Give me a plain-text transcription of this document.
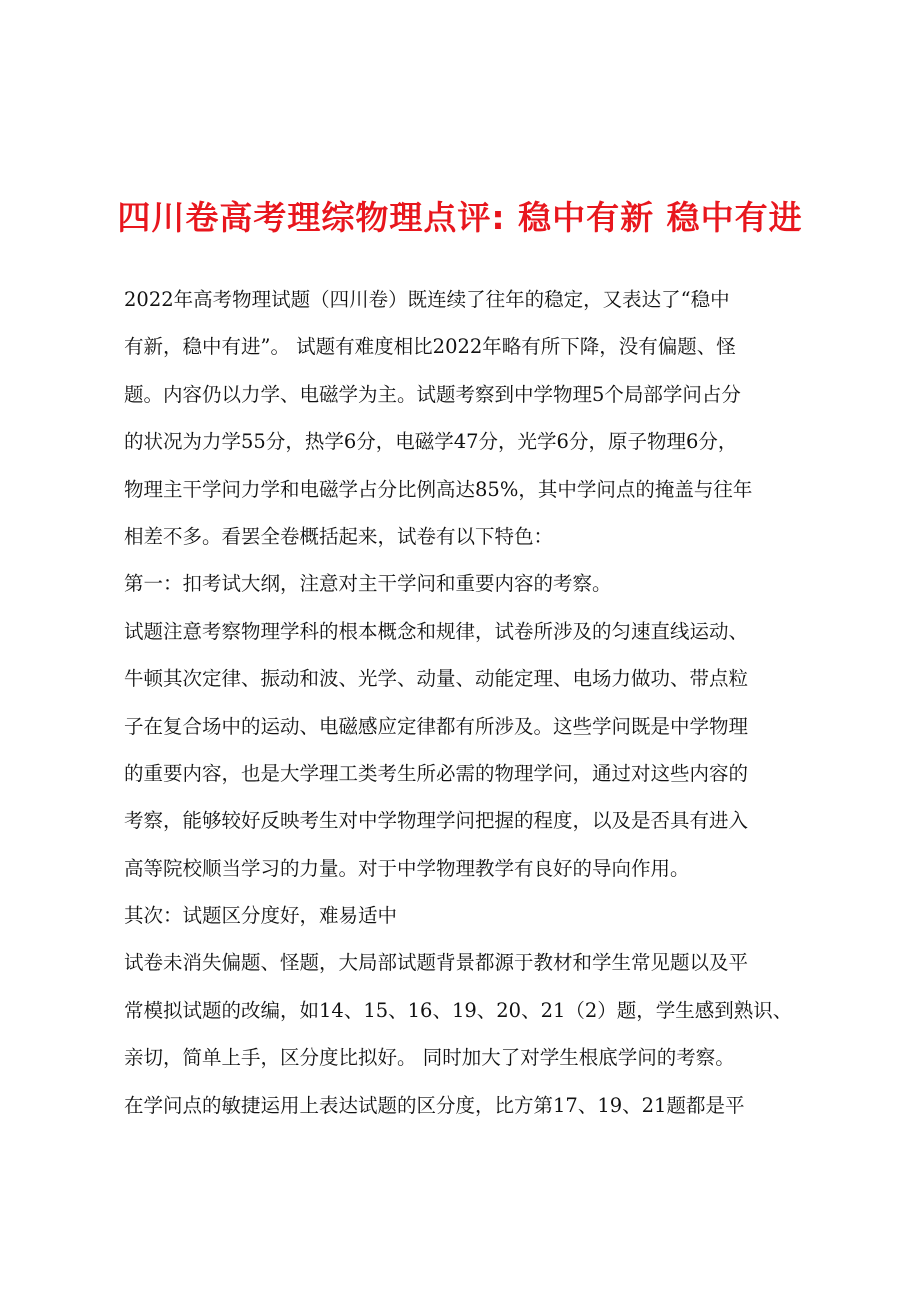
四川卷高考理综物理点评: 稳中有新 稳中有进
2022年高考物理试题（四川卷）既连续了往年的稳定，又表达了“稳中
有新，稳中有进”。 试题有难度相比2022年略有所下降，没有偏题、怪
题。内容仍以力学、电磁学为主。试题考察到中学物理5个局部学问占分
的状况为力学55分，热学6分，电磁学47分，光学6分，原子物理6分，
物理主干学问力学和电磁学占分比例高达85%，其中学问点的掩盖与往年
相差不多。看罢全卷概括起来，试卷有以下特色：
第一：扣考试大纲，注意对主干学问和重要内容的考察。
试题注意考察物理学科的根本概念和规律，试卷所涉及的匀速直线运动、
牛顿其次定律、振动和波、光学、动量、动能定理、电场力做功、带点粒
子在复合场中的运动、电磁感应定律都有所涉及。这些学问既是中学物理
的重要内容，也是大学理工类考生所必需的物理学问，通过对这些内容的
考察，能够较好反映考生对中学物理学问把握的程度，以及是否具有进入
高等院校顺当学习的力量。对于中学物理教学有良好的导向作用。
其次：试题区分度好，难易适中
试卷未消失偏题、怪题，大局部试题背景都源于教材和学生常见题以及平
常模拟试题的改编，如14、15、16、19、20、21（2）题，学生感到熟识、
亲切，简单上手，区分度比拟好。 同时加大了对学生根底学问的考察。
在学问点的敏捷运用上表达试题的区分度，比方第17、19、21题都是平
